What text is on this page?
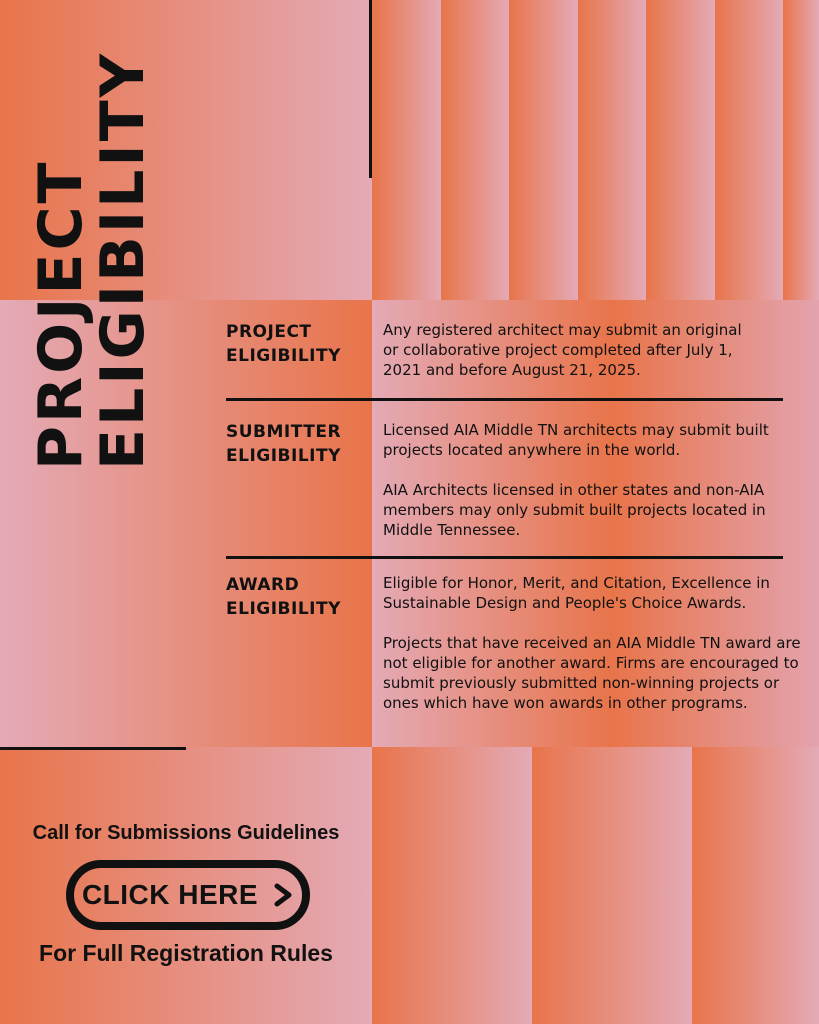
PROJECT
ELIGIBILITY	PROJECT
ELIGIBILITY

Any registered architect may submit an original or collaborative project completed after July 1, 2021 and before August 21, 2025.

SUBMITTER
ELIGIBILITY

Licensed AIA Middle TN architects may submit built projects located anywhere in the world.

AIA Architects licensed in other states and non-AIA members may only submit built projects located in Middle Tennessee.

AWARD
ELIGIBILITY

Eligible for Honor, Merit, and Citation, Excellence in Sustainable Design and People's Choice Awards.

Projects that have received an AIA Middle TN award are not eligible for another award. Firms are encouraged to submit previously submitted non-winning projects or ones which have won awards in other programs.

Call for Submissions Guidelines
CLICK HERE
For Full Registration Rules
